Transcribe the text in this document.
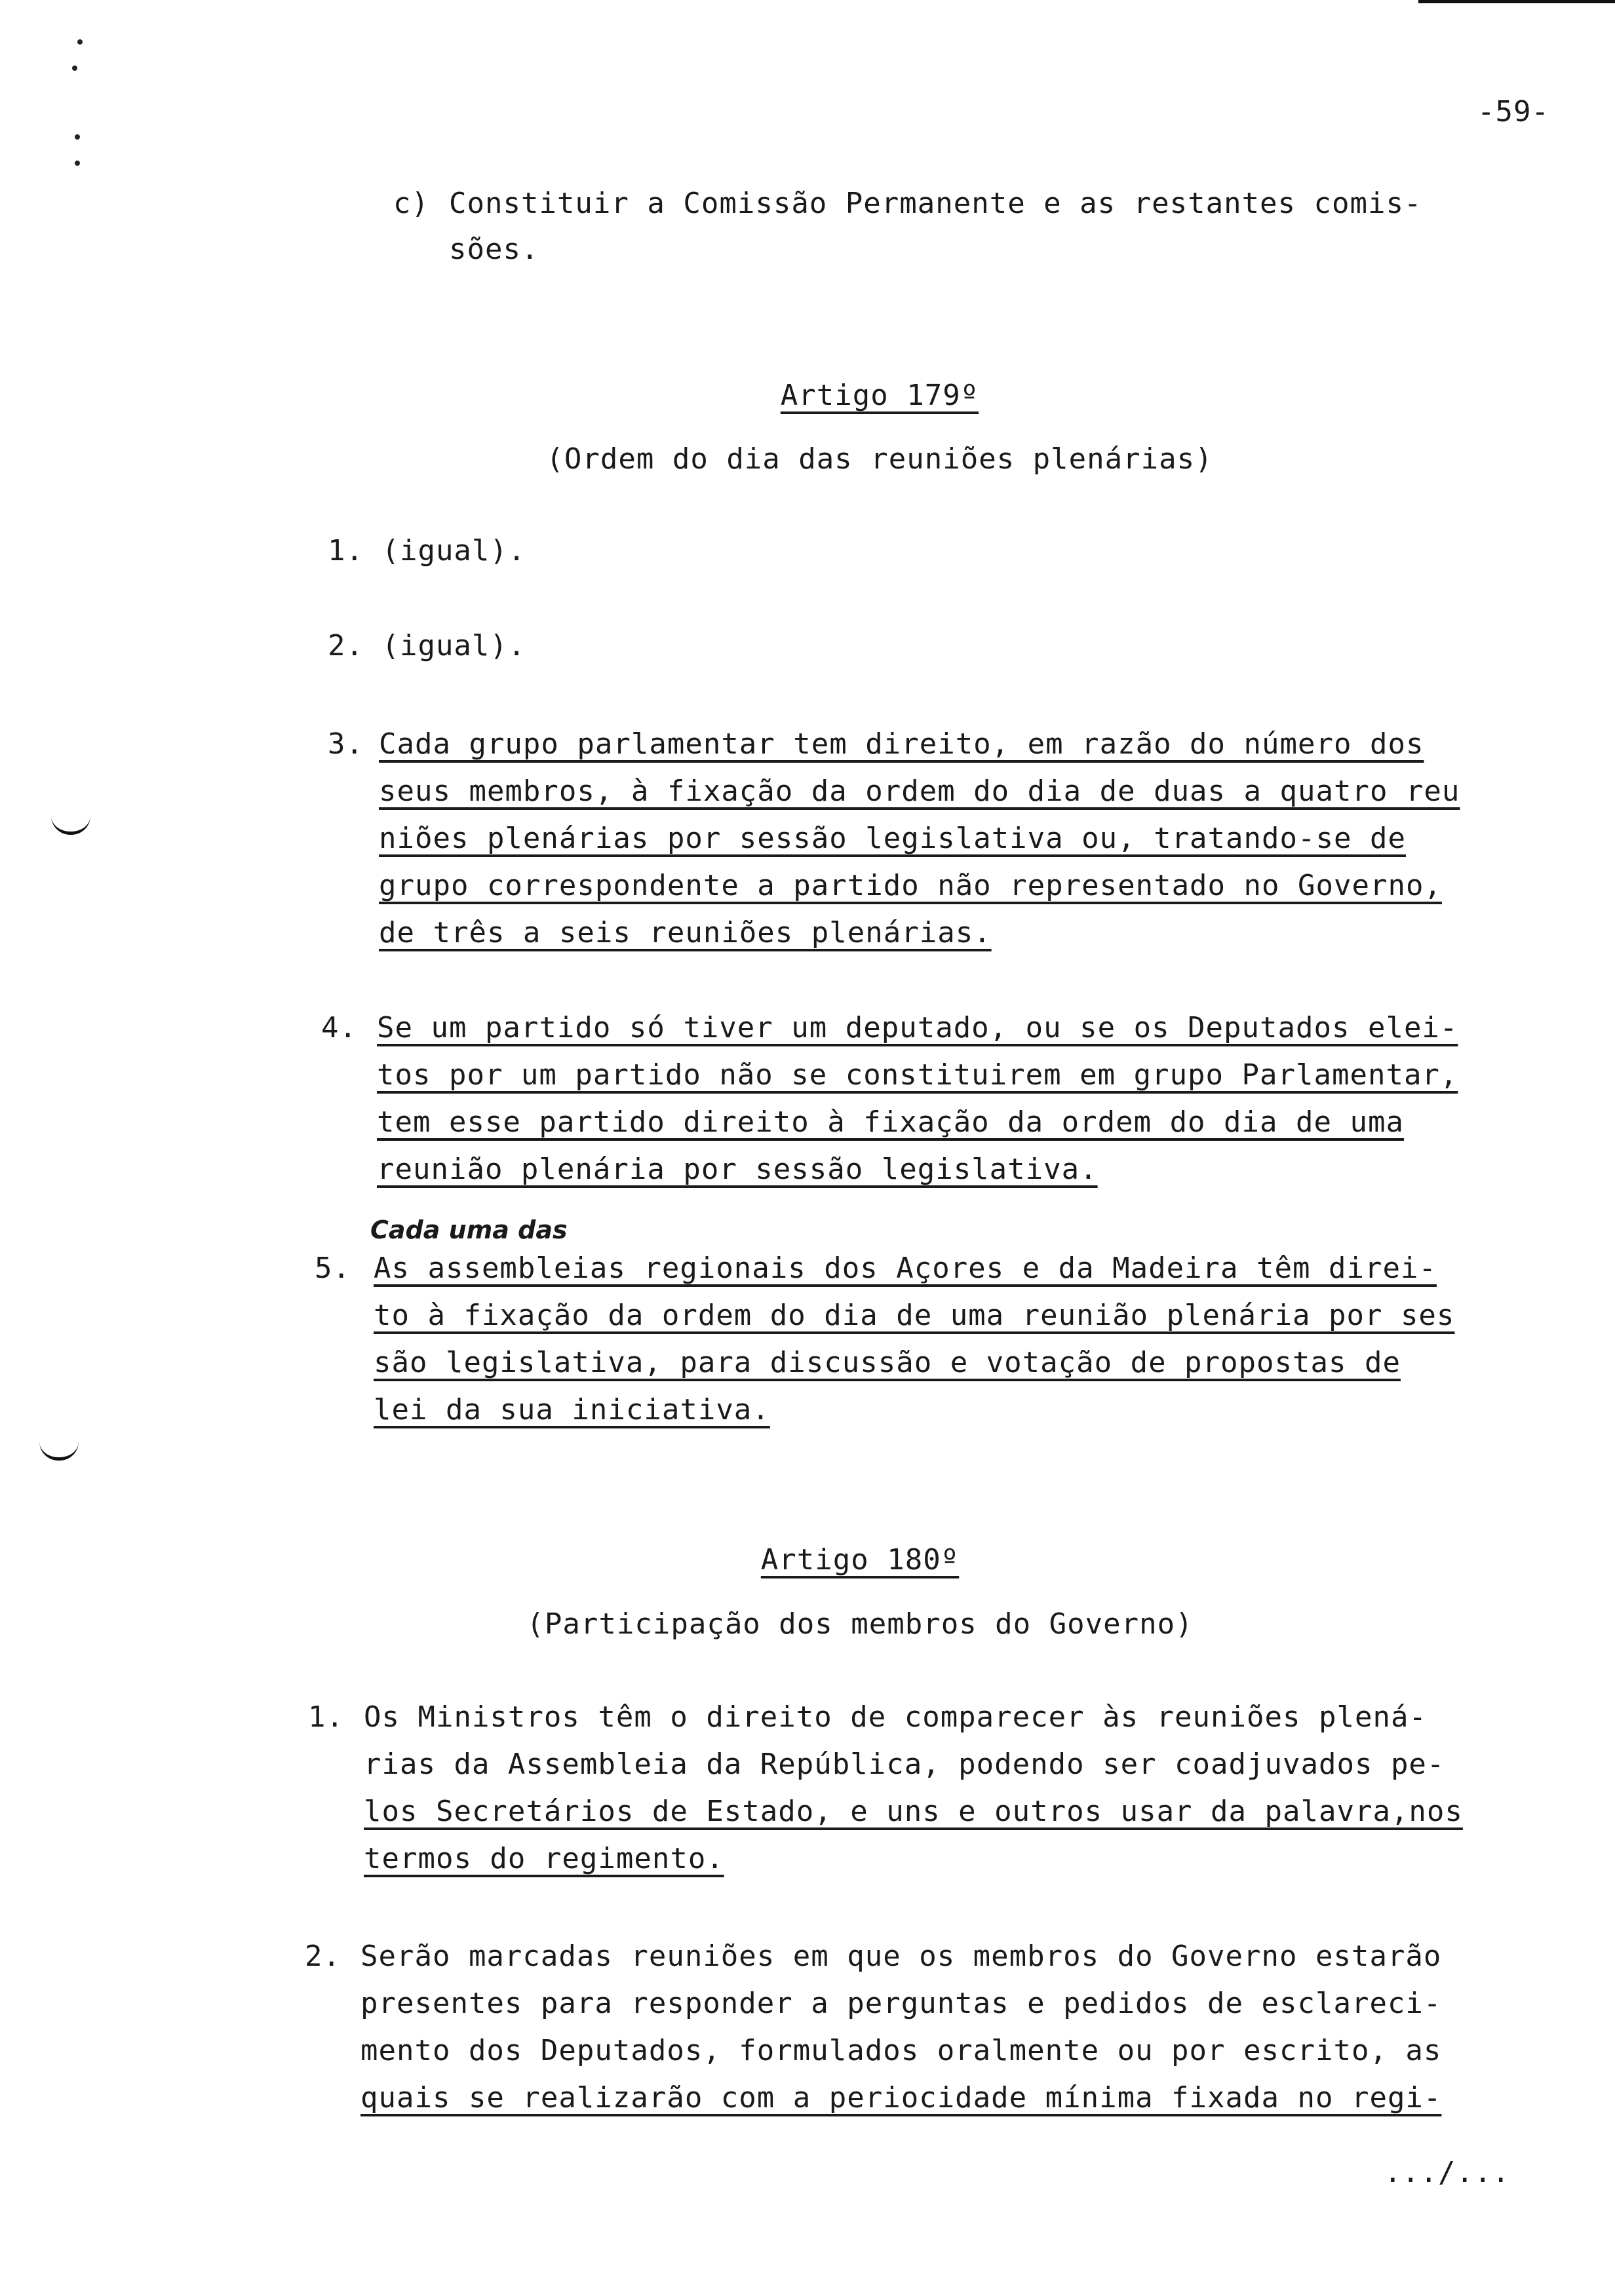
-59-
c) Constituir a Comissão Permanente e as restantes comis-
sões.
Artigo 179º
(Ordem do dia das reuniões plenárias)
1. (igual).
2. (igual).
3. Cada grupo parlamentar tem direito, em razão do número dos
seus membros, à fixação da ordem do dia de duas a quatro reu
niões plenárias por sessão legislativa ou, tratando-se de
grupo correspondente a partido não representado no Governo,
de três a seis reuniões plenárias.
4. Se um partido só tiver um deputado, ou se os Deputados elei-
tos por um partido não se constituirem em grupo Parlamentar,
tem esse partido direito à fixação da ordem do dia de uma
reunião plenária por sessão legislativa.
Cada uma das
5. As assembleias regionais dos Açores e da Madeira têm direi-
to à fixação da ordem do dia de uma reunião plenária por ses
são legislativa, para discussão e votação de propostas de
lei da sua iniciativa.
Artigo 180º
(Participação dos membros do Governo)
1. Os Ministros têm o direito de comparecer às reuniões plená-
rias da Assembleia da República, podendo ser coadjuvados pe-
los Secretários de Estado, e uns e outros usar da palavra,nos
termos do regimento.
2. Serão marcadas reuniões em que os membros do Governo estarão
presentes para responder a perguntas e pedidos de esclareci-
mento dos Deputados, formulados oralmente ou por escrito, as
quais se realizarão com a periocidade mínima fixada no regi-
.../...
